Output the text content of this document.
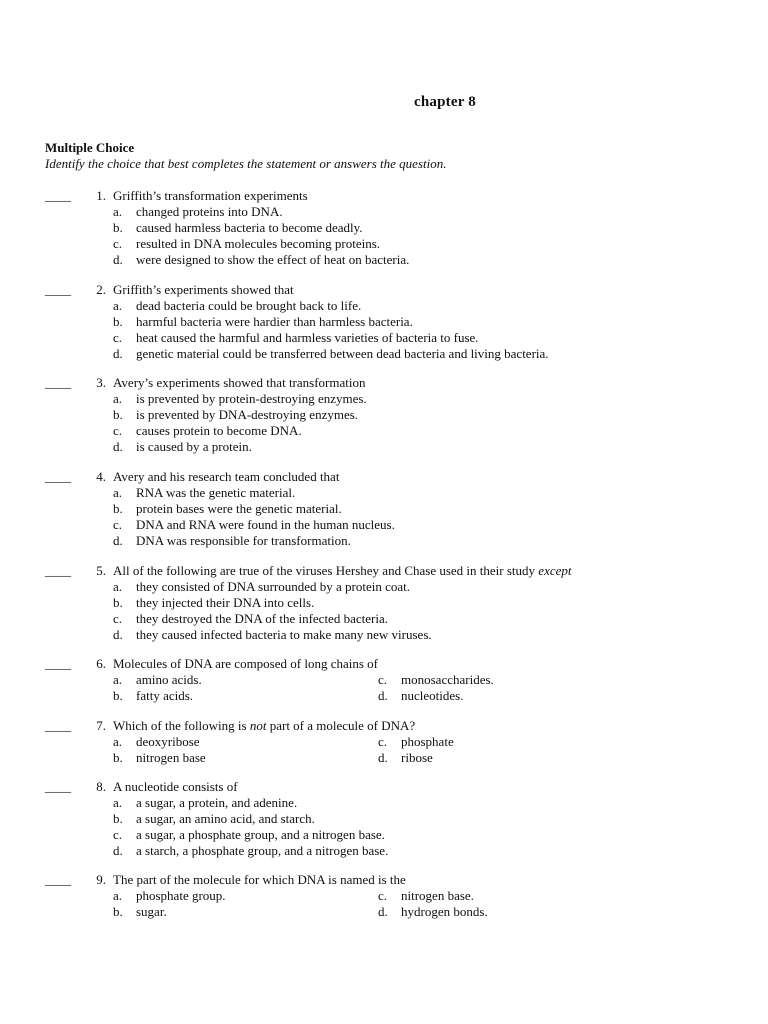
chapter 8
Multiple Choice
Identify the choice that best completes the statement or answers the question.
____	1. Griffith’s transformation experiments
a. changed proteins into DNA.
b. caused harmless bacteria to become deadly.
c. resulted in DNA molecules becoming proteins.
d. were designed to show the effect of heat on bacteria.
____	2. Griffith’s experiments showed that
a. dead bacteria could be brought back to life.
b. harmful bacteria were hardier than harmless bacteria.
c. heat caused the harmful and harmless varieties of bacteria to fuse.
d. genetic material could be transferred between dead bacteria and living bacteria.
____	3. Avery’s experiments showed that transformation
a. is prevented by protein-destroying enzymes.
b. is prevented by DNA-destroying enzymes.
c. causes protein to become DNA.
d. is caused by a protein.
____	4. Avery and his research team concluded that
a. RNA was the genetic material.
b. protein bases were the genetic material.
c. DNA and RNA were found in the human nucleus.
d. DNA was responsible for transformation.
____	5. All of the following are true of the viruses Hershey and Chase used in their study except
a. they consisted of DNA surrounded by a protein coat.
b. they injected their DNA into cells.
c. they destroyed the DNA of the infected bacteria.
d. they caused infected bacteria to make many new viruses.
____	6. Molecules of DNA are composed of long chains of
a. amino acids.	c. monosaccharides.
b. fatty acids.	d. nucleotides.
____	7. Which of the following is not part of a molecule of DNA?
a. deoxyribose	c. phosphate
b. nitrogen base	d. ribose
____	8. A nucleotide consists of
a. a sugar, a protein, and adenine.
b. a sugar, an amino acid, and starch.
c. a sugar, a phosphate group, and a nitrogen base.
d. a starch, a phosphate group, and a nitrogen base.
____	9. The part of the molecule for which DNA is named is the
a. phosphate group.	c. nitrogen base.
b. sugar.	d. hydrogen bonds.
